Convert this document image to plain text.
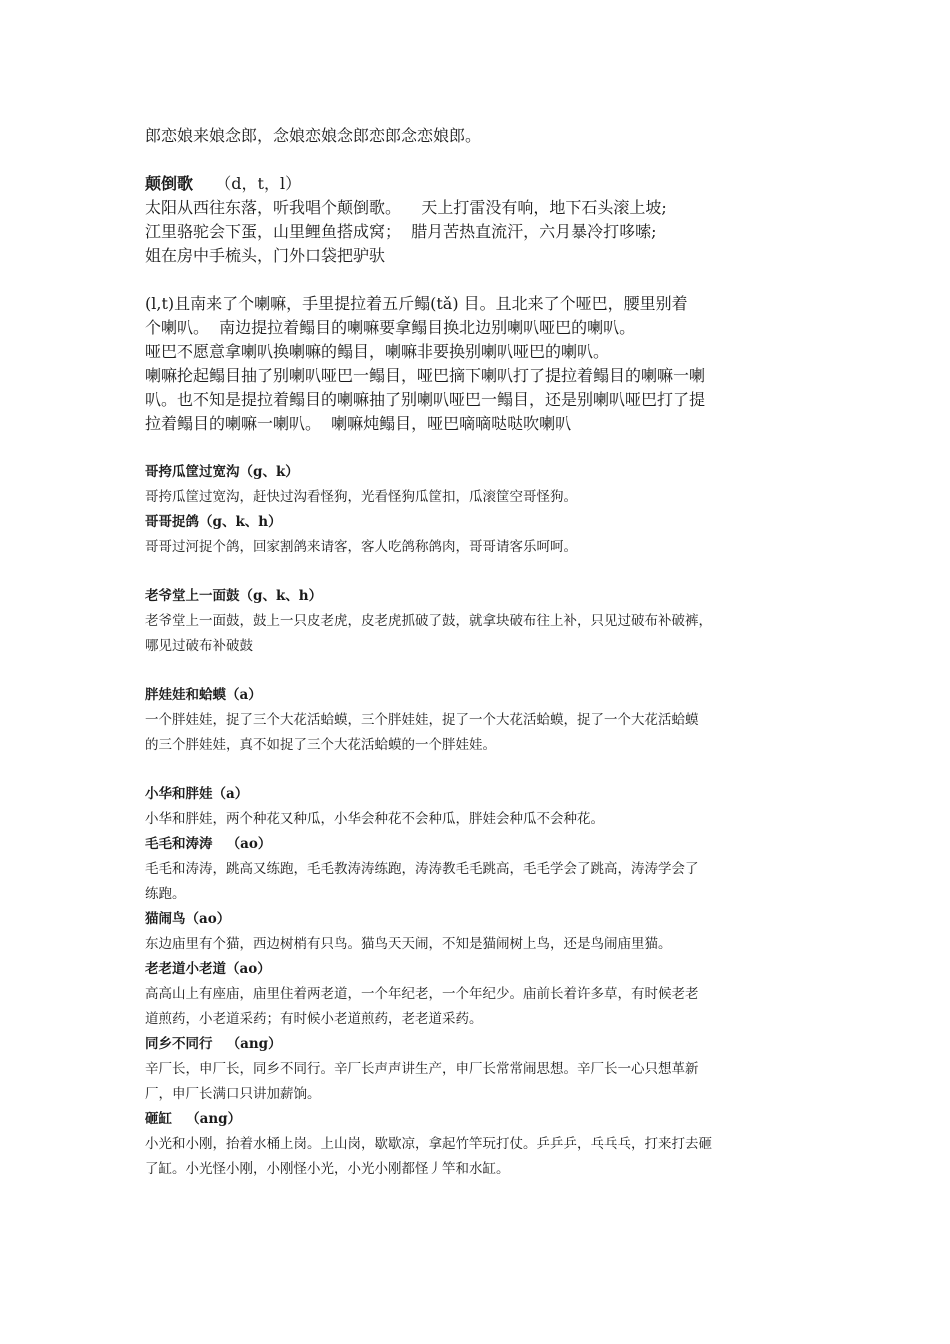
郎恋娘来娘念郎，念娘恋娘念郎恋郎念恋娘郎。
颠倒歌 （d，t，l）
太阳从西往东落，听我唱个颠倒歌。    天上打雷没有响，地下石头滚上坡;
江里骆驼会下蛋，山里鲤鱼搭成窝；  腊月苦热直流汗，六月暴冷打哆嗦;
姐在房中手梳头，门外口袋把驴驮
(l,t)且南来了个喇嘛，手里提拉着五斤鳎(tǎ) 目。且北来了个哑巴，腰里别着
个喇叭。  南边提拉着鳎目的喇嘛要拿鳎目换北边别喇叭哑巴的喇叭。
哑巴不愿意拿喇叭换喇嘛的鳎目，喇嘛非要换别喇叭哑巴的喇叭。
喇嘛抡起鳎目抽了别喇叭哑巴一鳎目，哑巴摘下喇叭打了提拉着鳎目的喇嘛一喇
叭。也不知是提拉着鳎目的喇嘛抽了别喇叭哑巴一鳎目，还是别喇叭哑巴打了提
拉着鳎目的喇嘛一喇叭。  喇嘛炖鳎目，哑巴嘀嘀哒哒吹喇叭
哥挎瓜筐过宽沟（g、k）
哥挎瓜筐过宽沟，赶快过沟看怪狗，光看怪狗瓜筐扣，瓜滚筐空哥怪狗。
哥哥捉鸽（g、k、h）
哥哥过河捉个鸽，回家割鸽来请客，客人吃鸽称鸽肉，哥哥请客乐呵呵。
老爷堂上一面鼓（g、k、h）
老爷堂上一面鼓，鼓上一只皮老虎，皮老虎抓破了鼓，就拿块破布往上补，只见过破布补破裤，
哪见过破布补破鼓
胖娃娃和蛤蟆（a）
一个胖娃娃，捉了三个大花活蛤蟆，三个胖娃娃，捉了一个大花活蛤蟆，捉了一个大花活蛤蟆
的三个胖娃娃，真不如捉了三个大花活蛤蟆的一个胖娃娃。
小华和胖娃（a）
小华和胖娃，两个种花又种瓜，小华会种花不会种瓜，胖娃会种瓜不会种花。
毛毛和涛涛   （ao）
毛毛和涛涛，跳高又练跑，毛毛教涛涛练跑，涛涛教毛毛跳高，毛毛学会了跳高，涛涛学会了
练跑。
猫闹鸟（ao）
东边庙里有个猫，西边树梢有只鸟。猫鸟天天闹，不知是猫闹树上鸟，还是鸟闹庙里猫。
老老道小老道（ao）
高高山上有座庙，庙里住着两老道，一个年纪老，一个年纪少。庙前长着许多草，有时候老老
道煎药，小老道采药；有时候小老道煎药，老老道采药。
同乡不同行   （ang）
辛厂长，申厂长，同乡不同行。辛厂长声声讲生产，申厂长常常闹思想。辛厂长一心只想革新
厂，申厂长满口只讲加薪饷。
砸缸   （ang）
小光和小刚，抬着水桶上岗。上山岗，歇歇凉，拿起竹竿玩打仗。乒乒乒，乓乓乓，打来打去砸
了缸。小光怪小刚，小刚怪小光，小光小刚都怪丿竿和水缸。
